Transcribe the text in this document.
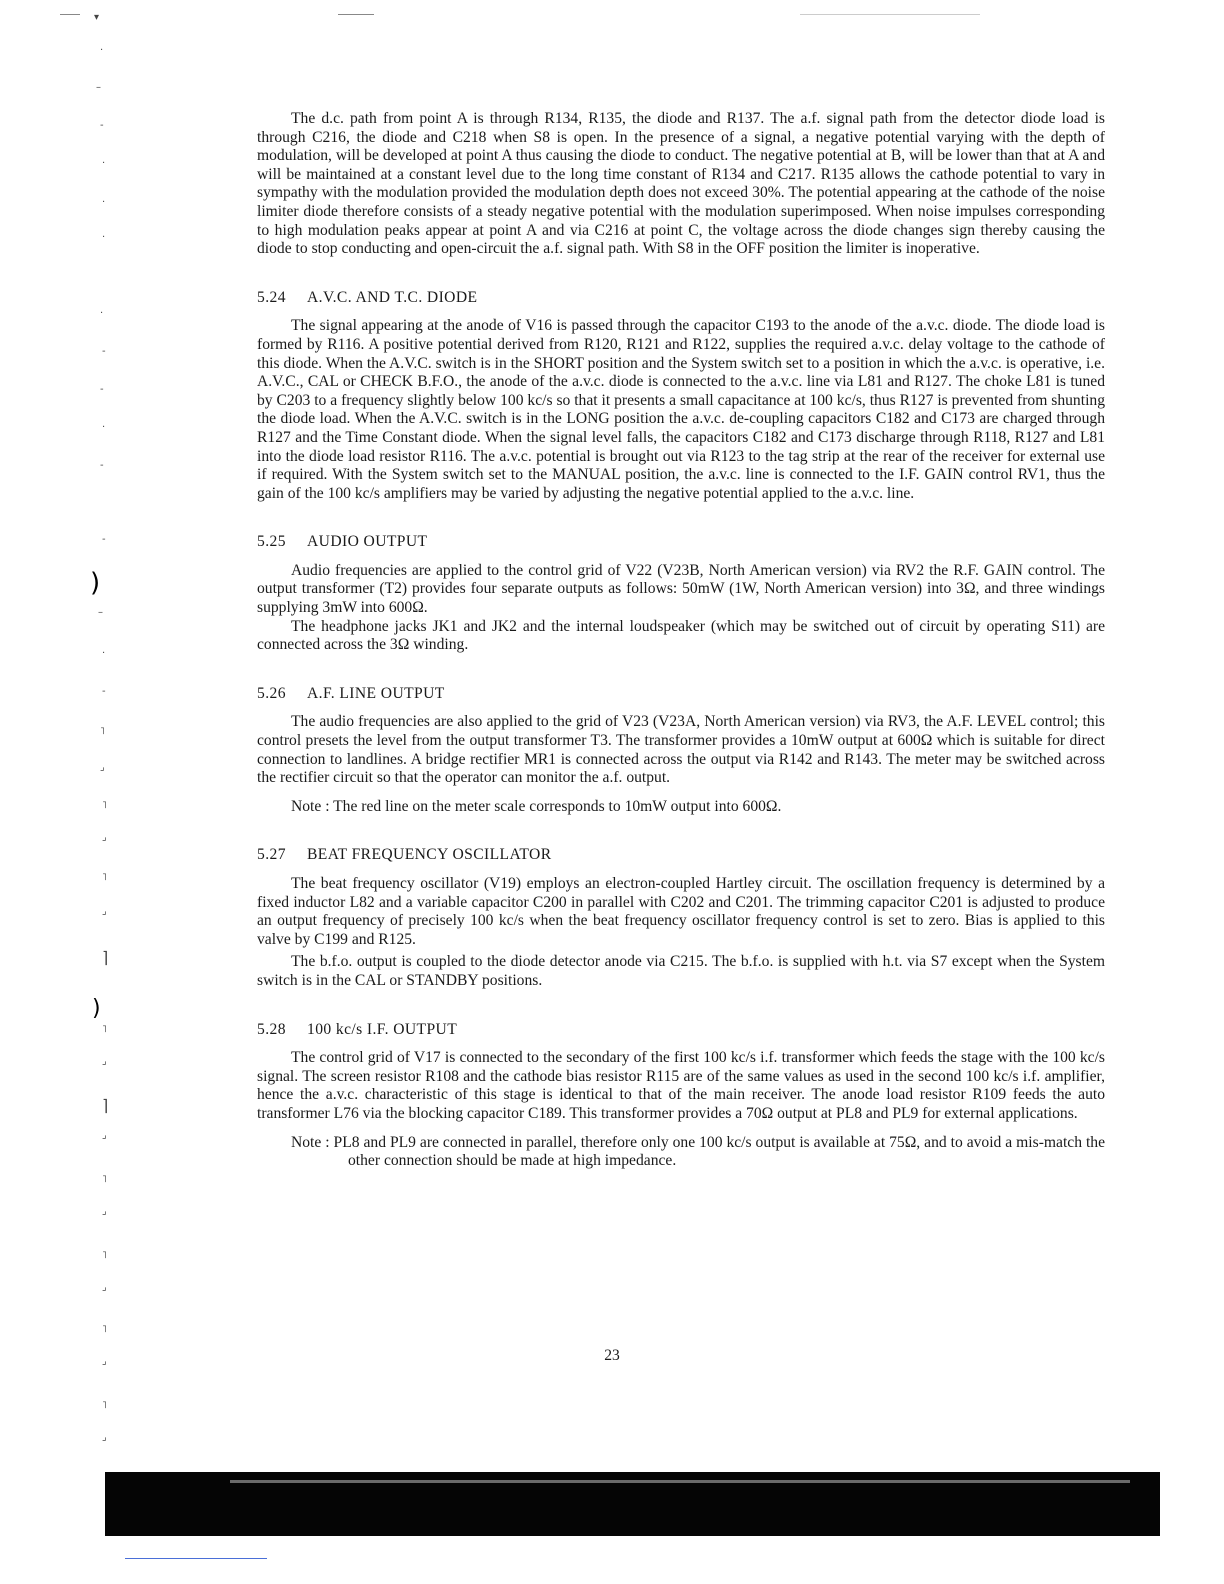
▾
·
–
-
·
·
·
·
-
-
·
-
-
)
–
·
-
˥
⌟
˥
⌟
˥
⌟
⌉
)
˥
⌟
⌉
⌟
˥
⌟
˥
⌟
˥
⌟
˥
⌟

The d.c. path from point A is through R134, R135, the diode and R137. The a.f. signal path from the detector diode load is through C216, the diode and C218 when S8 is open. In the presence of a signal, a negative potential varying with the depth of modulation, will be developed at point A thus causing the diode to conduct. The negative potential at B, will be lower than that at A and will be maintained at a constant level due to the long time constant of R134 and C217. R135 allows the cathode potential to vary in sympathy with the modulation provided the modulation depth does not exceed 30%. The potential appearing at the cathode of the noise limiter diode therefore consists of a steady negative potential with the modulation superimposed. When noise impulses corresponding to high modulation peaks appear at point A and via C216 at point C, the voltage across the diode changes sign thereby causing the diode to stop conducting and open-circuit the a.f. signal path. With S8 in the OFF position the limiter is inoperative.

5.24 A.V.C. AND T.C. DIODE

The signal appearing at the anode of V16 is passed through the capacitor C193 to the anode of the a.v.c. diode. The diode load is formed by R116. A positive potential derived from R120, R121 and R122, supplies the required a.v.c. delay voltage to the cathode of this diode. When the A.V.C. switch is in the SHORT position and the System switch set to a position in which the a.v.c. is operative, i.e. A.V.C., CAL or CHECK B.F.O., the anode of the a.v.c. diode is connected to the a.v.c. line via L81 and R127. The choke L81 is tuned by C203 to a frequency slightly below 100 kc/s so that it presents a small capacitance at 100 kc/s, thus R127 is prevented from shunting the diode load. When the A.V.C. switch is in the LONG position the a.v.c. de-coupling capacitors C182 and C173 are charged through R127 and the Time Constant diode. When the signal level falls, the capacitors C182 and C173 discharge through R118, R127 and L81 into the diode load resistor R116. The a.v.c. potential is brought out via R123 to the tag strip at the rear of the receiver for external use if required. With the System switch set to the MANUAL position, the a.v.c. line is connected to the I.F. GAIN control RV1, thus the gain of the 100 kc/s amplifiers may be varied by adjusting the negative potential applied to the a.v.c. line.

5.25 AUDIO OUTPUT

Audio frequencies are applied to the control grid of V22 (V23B, North American version) via RV2 the R.F. GAIN control. The output transformer (T2) provides four separate outputs as follows: 50mW (1W, North American version) into 3Ω, and three windings supplying 3mW into 600Ω.

The headphone jacks JK1 and JK2 and the internal loudspeaker (which may be switched out of circuit by operating S11) are connected across the 3Ω winding.

5.26 A.F. LINE OUTPUT

The audio frequencies are also applied to the grid of V23 (V23A, North American version) via RV3, the A.F. LEVEL control; this control presets the level from the output transformer T3. The transformer provides a 10mW output at 600Ω which is suitable for direct connection to landlines. A bridge rectifier MR1 is connected across the output via R142 and R143. The meter may be switched across the rectifier circuit so that the operator can monitor the a.f. output.

Note : The red line on the meter scale corresponds to 10mW output into 600Ω.

5.27 BEAT FREQUENCY OSCILLATOR

The beat frequency oscillator (V19) employs an electron-coupled Hartley circuit. The oscillation frequency is determined by a fixed inductor L82 and a variable capacitor C200 in parallel with C202 and C201. The trimming capacitor C201 is adjusted to produce an output frequency of precisely 100 kc/s when the beat frequency oscillator frequency control is set to zero. Bias is applied to this valve by C199 and R125.

The b.f.o. output is coupled to the diode detector anode via C215. The b.f.o. is supplied with h.t. via S7 except when the System switch is in the CAL or STANDBY positions.

5.28 100 kc/s I.F. OUTPUT

The control grid of V17 is connected to the secondary of the first 100 kc/s i.f. transformer which feeds the stage with the 100 kc/s signal. The screen resistor R108 and the cathode bias resistor R115 are of the same values as used in the second 100 kc/s i.f. amplifier, hence the a.v.c. characteristic of this stage is identical to that of the main receiver. The anode load resistor R109 feeds the auto transformer L76 via the blocking capacitor C189. This transformer provides a 70Ω output at PL8 and PL9 for external applications.

Note : PL8 and PL9 are connected in parallel, therefore only one 100 kc/s output is available at 75Ω, and to avoid a mis-match the other connection should be made at high impedance.

23
